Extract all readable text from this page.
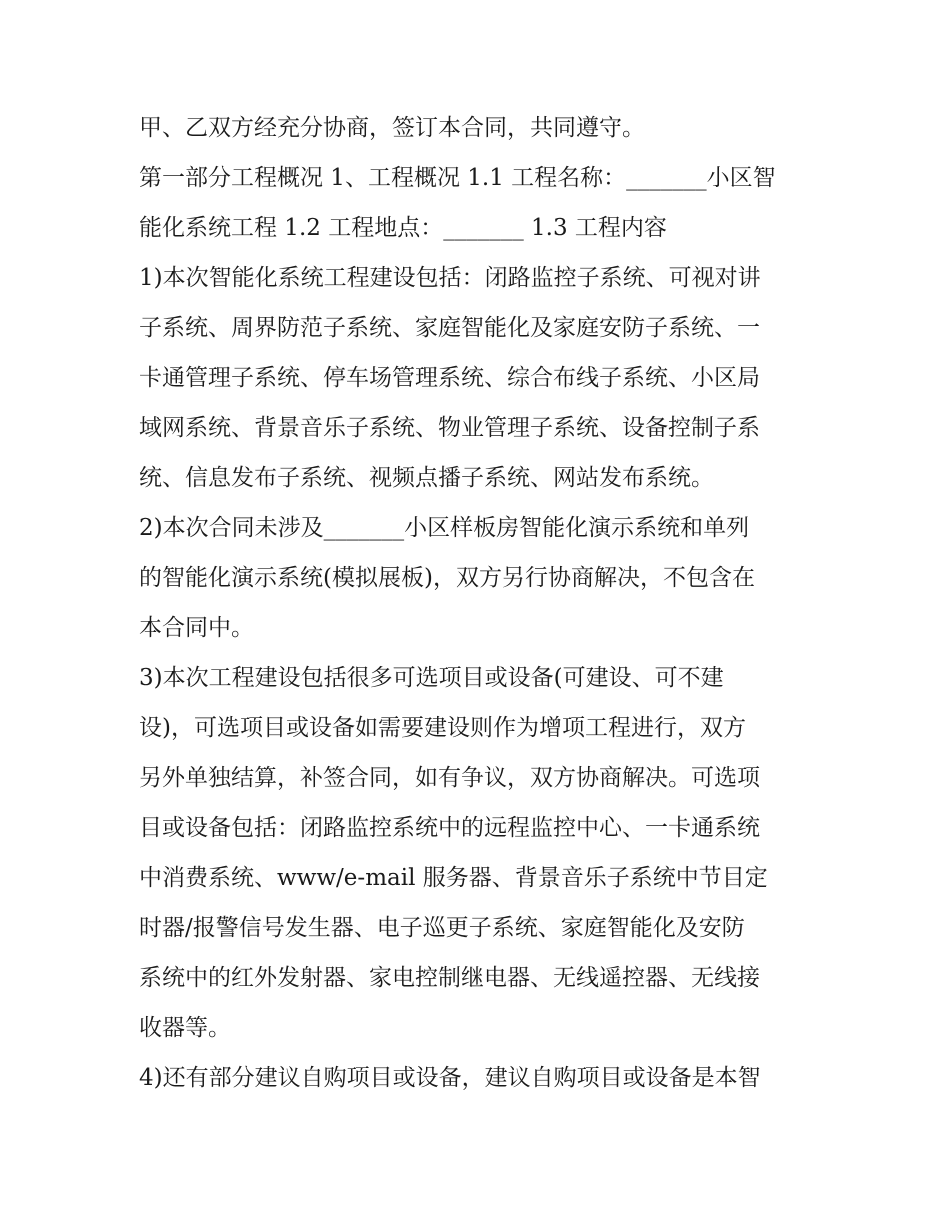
甲、乙双方经充分协商，签订本合同，共同遵守。
第一部分工程概况 1、工程概况 1.1 工程名称：_______小区智
能化系统工程 1.2 工程地点：_______ 1.3 工程内容
1)本次智能化系统工程建设包括：闭路监控子系统、可视对讲
子系统、周界防范子系统、家庭智能化及家庭安防子系统、一
卡通管理子系统、停车场管理系统、综合布线子系统、小区局
域网系统、背景音乐子系统、物业管理子系统、设备控制子系
统、信息发布子系统、视频点播子系统、网站发布系统。
2)本次合同未涉及_______小区样板房智能化演示系统和单列
的智能化演示系统(模拟展板)，双方另行协商解决，不包含在
本合同中。
3)本次工程建设包括很多可选项目或设备(可建设、可不建
设)，可选项目或设备如需要建设则作为增项工程进行，双方
另外单独结算，补签合同，如有争议，双方协商解决。可选项
目或设备包括：闭路监控系统中的远程监控中心、一卡通系统
中消费系统、www/e-mail 服务器、背景音乐子系统中节目定
时器/报警信号发生器、电子巡更子系统、家庭智能化及安防
系统中的红外发射器、家电控制继电器、无线遥控器、无线接
收器等。
4)还有部分建议自购项目或设备，建议自购项目或设备是本智
